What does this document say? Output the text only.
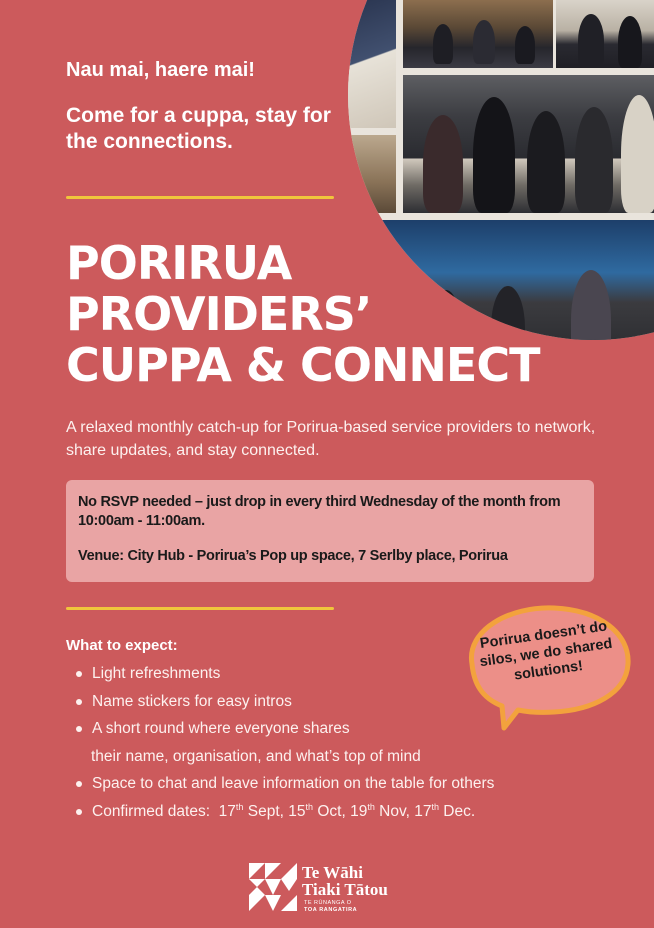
Nau mai, haere mai!
Come for a cuppa, stay for the connections.
PORIRUA
PROVIDERS’
CUPPA & CONNECT
A relaxed monthly catch-up for Porirua-based service providers to network, share updates, and stay connected.

No RSVP needed – just drop in every third Wednesday of the month from 10:00am - 11:00am.

Venue: City Hub - Porirua’s Pop up space, 7 Serlby place, Porirua

What to expect:
Light refreshments
Name stickers for easy intros
A short round where everyone shares
their name, organisation, and what’s top of mind
Space to chat and leave information on the table for others
Confirmed dates: 17th Sept, 15th Oct, 19th Nov, 17th Dec.
Porirua doesn’t do silos, we do shared solutions!
Te Wāhi
Tiaki Tātou
TE RŪNANGA O
TOA RANGATIRA
